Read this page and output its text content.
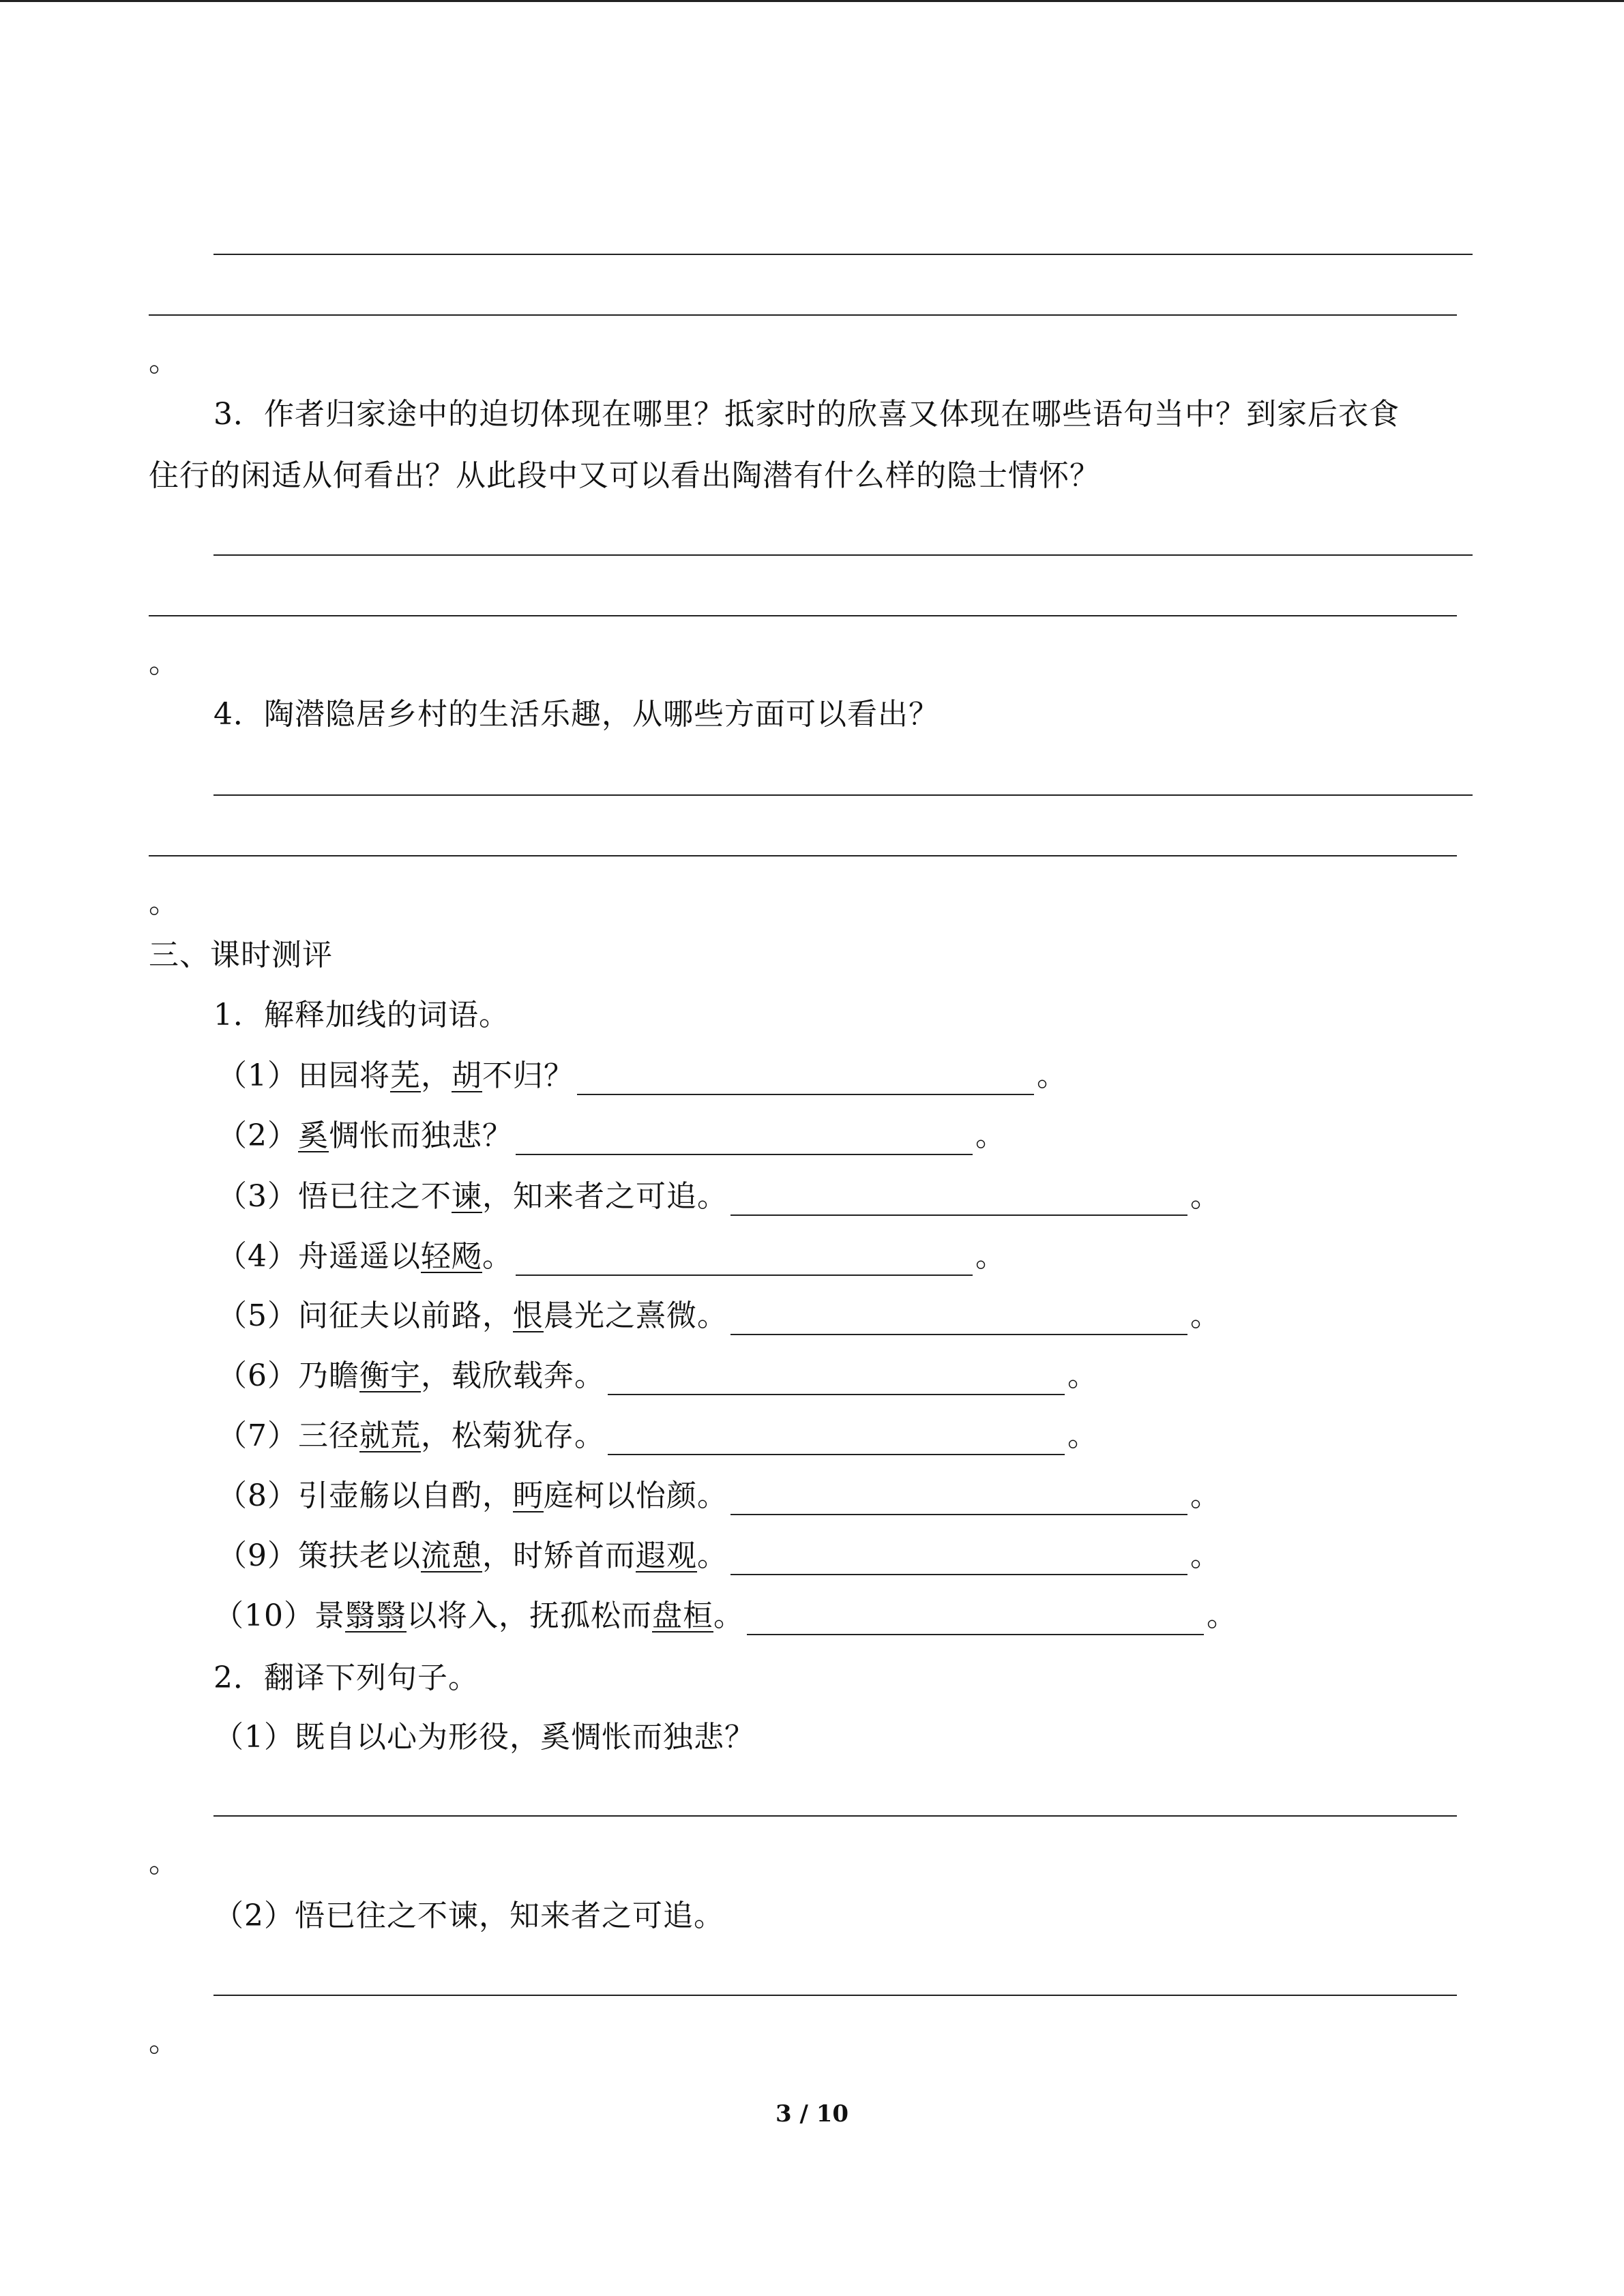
。
3．作者归家途中的迫切体现在哪里？抵家时的欣喜又体现在哪些语句当中？到家后衣食
住行的闲适从何看出？从此段中又可以看出陶潜有什么样的隐士情怀？
。
4．陶潜隐居乡村的生活乐趣，从哪些方面可以看出？
。
三、课时测评
1．解释加线的词语。
（1）田园将芜，胡不归？	。
（2）奚惆怅而独悲？	。
（3）悟已往之不谏，知来者之可追。	。
（4）舟遥遥以轻飏。	。
（5）问征夫以前路，恨晨光之熹微。	。
（6）乃瞻衡宇，载欣载奔。	。
（7）三径就荒，松菊犹存。	。
（8）引壶觞以自酌，眄庭柯以怡颜。	。
（9）策扶老以流憩，时矫首而遐观。	。
（10）景翳翳以将入，抚孤松而盘桓。	。
2．翻译下列句子。
（1）既自以心为形役，奚惆怅而独悲？
。
（2）悟已往之不谏，知来者之可追。
。
3 / 10
